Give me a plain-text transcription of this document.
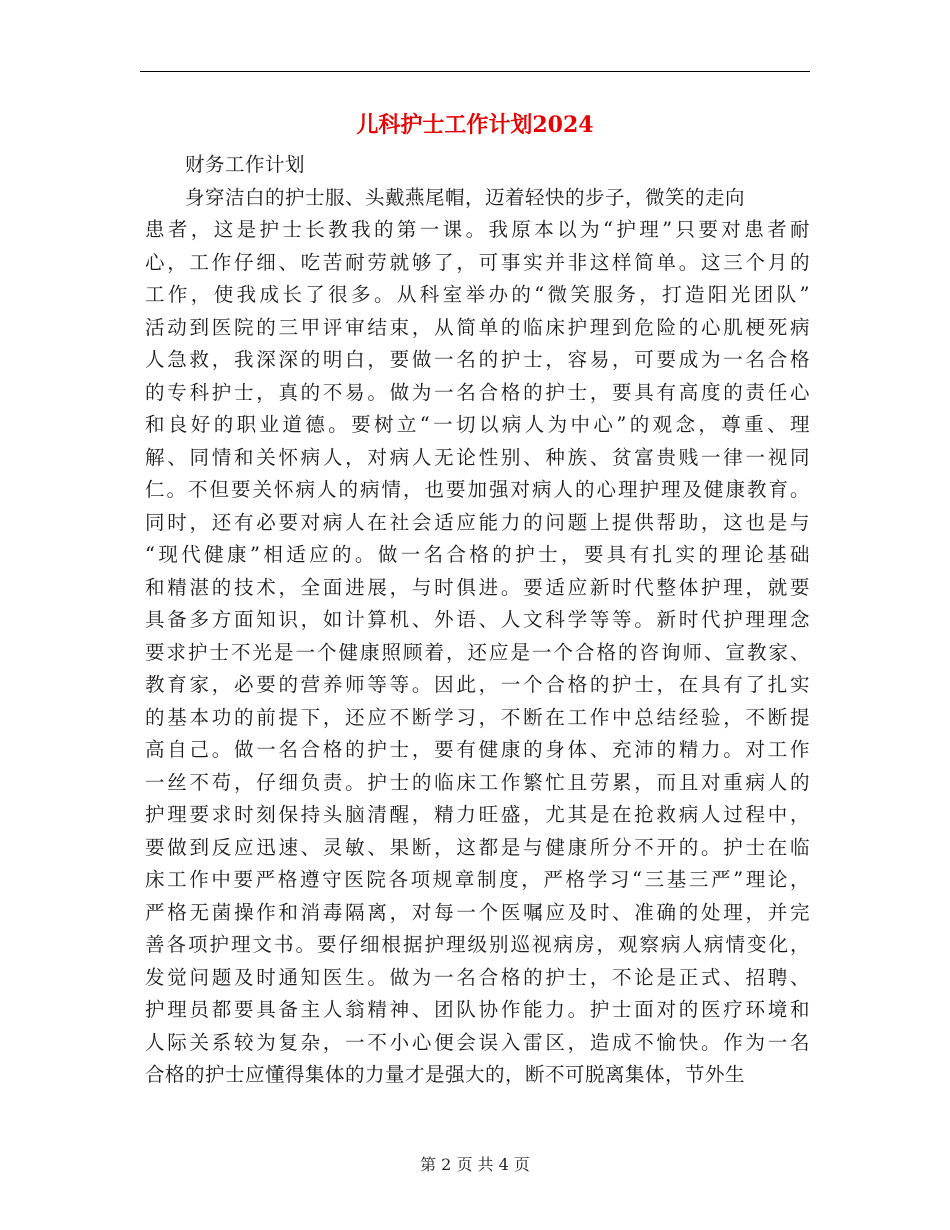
儿科护士工作计划2024
财务工作计划
身穿洁白的护士服、头戴燕尾帽，迈着轻快的步子，微笑的走向
患者，这是护士长教我的第一课。我原本以为“护理”只要对患者耐
心，工作仔细、吃苦耐劳就够了，可事实并非这样简单。这三个月的
工作，使我成长了很多。从科室举办的“微笑服务，打造阳光团队”
活动到医院的三甲评审结束，从简单的临床护理到危险的心肌梗死病
人急救，我深深的明白，要做一名的护士，容易，可要成为一名合格
的专科护士，真的不易。做为一名合格的护士，要具有高度的责任心
和良好的职业道德。要树立“一切以病人为中心”的观念，尊重、理
解、同情和关怀病人，对病人无论性别、种族、贫富贵贱一律一视同
仁。不但要关怀病人的病情，也要加强对病人的心理护理及健康教育。
同时，还有必要对病人在社会适应能力的问题上提供帮助，这也是与
“现代健康”相适应的。做一名合格的护士，要具有扎实的理论基础
和精湛的技术，全面进展，与时俱进。要适应新时代整体护理，就要
具备多方面知识，如计算机、外语、人文科学等等。新时代护理理念
要求护士不光是一个健康照顾着，还应是一个合格的咨询师、宣教家、
教育家，必要的营养师等等。因此，一个合格的护士，在具有了扎实
的基本功的前提下，还应不断学习，不断在工作中总结经验，不断提
高自己。做一名合格的护士，要有健康的身体、充沛的精力。对工作
一丝不苟，仔细负责。护士的临床工作繁忙且劳累，而且对重病人的
护理要求时刻保持头脑清醒，精力旺盛，尤其是在抢救病人过程中，
要做到反应迅速、灵敏、果断，这都是与健康所分不开的。护士在临
床工作中要严格遵守医院各项规章制度，严格学习“三基三严”理论，
严格无菌操作和消毒隔离，对每一个医嘱应及时、准确的处理，并完
善各项护理文书。要仔细根据护理级别巡视病房，观察病人病情变化，
发觉问题及时通知医生。做为一名合格的护士，不论是正式、招聘、
护理员都要具备主人翁精神、团队协作能力。护士面对的医疗环境和
人际关系较为复杂，一不小心便会误入雷区，造成不愉快。作为一名
合格的护士应懂得集体的力量才是强大的，断不可脱离集体，节外生
第 2 页 共 4 页
